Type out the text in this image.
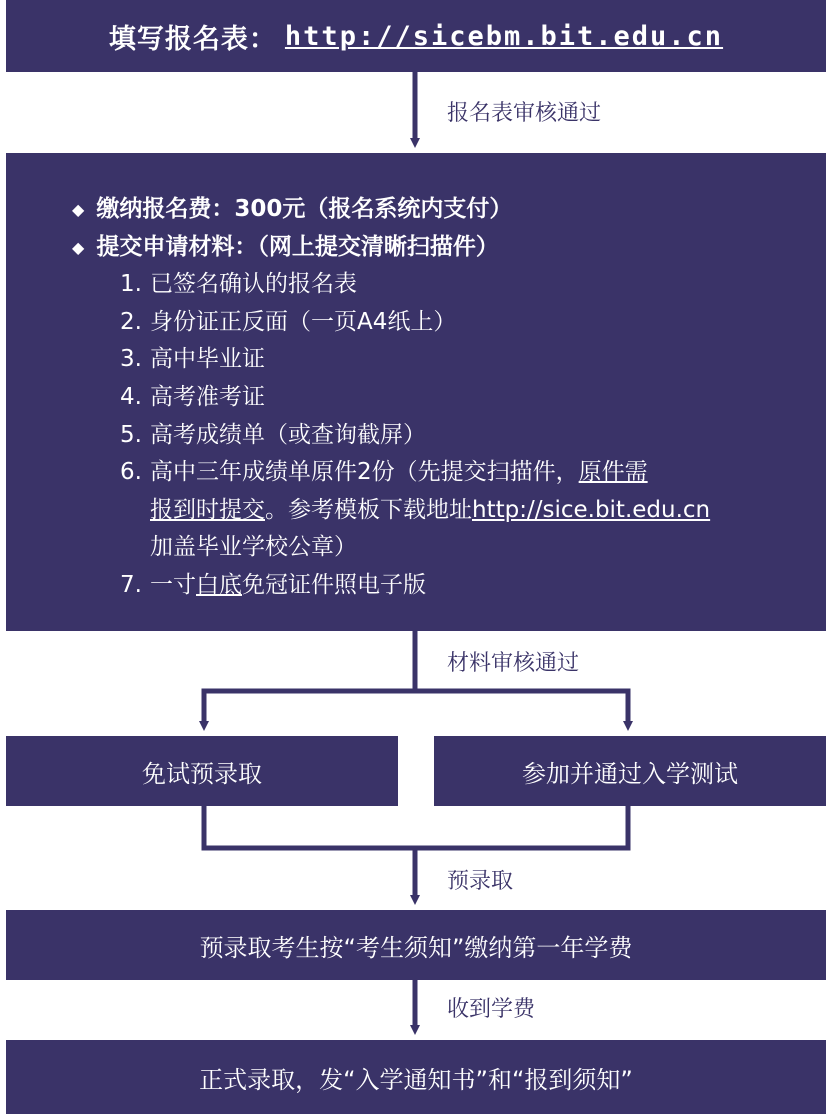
填写报名表： http://sicebm.bit.edu.cn
报名表审核通过
◆ 缴纳报名费：300元（报名系统内支付）
◆ 提交申请材料：（网上提交清晰扫描件）
1. 已签名确认的报名表
2. 身份证正反面（一页A4纸上）
3. 高中毕业证
4. 高考准考证
5. 高考成绩单（或查询截屏）
6. 高中三年成绩单原件2份（先提交扫描件，原件需
报到时提交。参考模板下载地址http://sice.bit.edu.cn
加盖毕业学校公章）
7. 一寸白底免冠证件照电子版
材料审核通过
免试预录取	参加并通过入学测试
预录取
预录取考生按“考生须知”缴纳第一年学费
收到学费
正式录取，发“入学通知书”和“报到须知”
